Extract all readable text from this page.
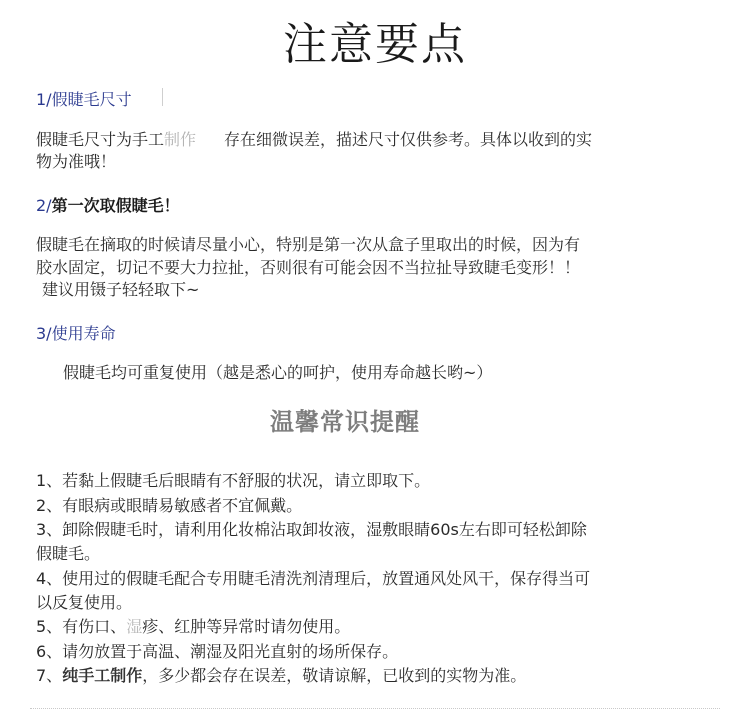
注意要点
1/假睫毛尺寸
假睫毛尺寸为手工制作 存在细微误差，描述尺寸仅供参考。具体以收到的实
物为准哦！
2/第一次取假睫毛！
假睫毛在摘取的时候请尽量小心，特别是第一次从盒子里取出的时候，因为有
胶水固定，切记不要大力拉扯，否则很有可能会因不当拉扯导致睫毛变形！！
建议用镊子轻轻取下~
3/使用寿命
假睫毛均可重复使用（越是悉心的呵护，使用寿命越长哟~）
温馨常识提醒
1、若黏上假睫毛后眼睛有不舒服的状况，请立即取下。
2、有眼病或眼睛易敏感者不宜佩戴。
3、卸除假睫毛时，请利用化妆棉沾取卸妆液，湿敷眼睛60s左右即可轻松卸除
假睫毛。
4、使用过的假睫毛配合专用睫毛清洗剂清理后，放置通风处风干，保存得当可
以反复使用。
5、有伤口、湿疹、红肿等异常时请勿使用。
6、请勿放置于高温、潮湿及阳光直射的场所保存。
7、纯手工制作，多少都会存在误差，敬请谅解，已收到的实物为准。
